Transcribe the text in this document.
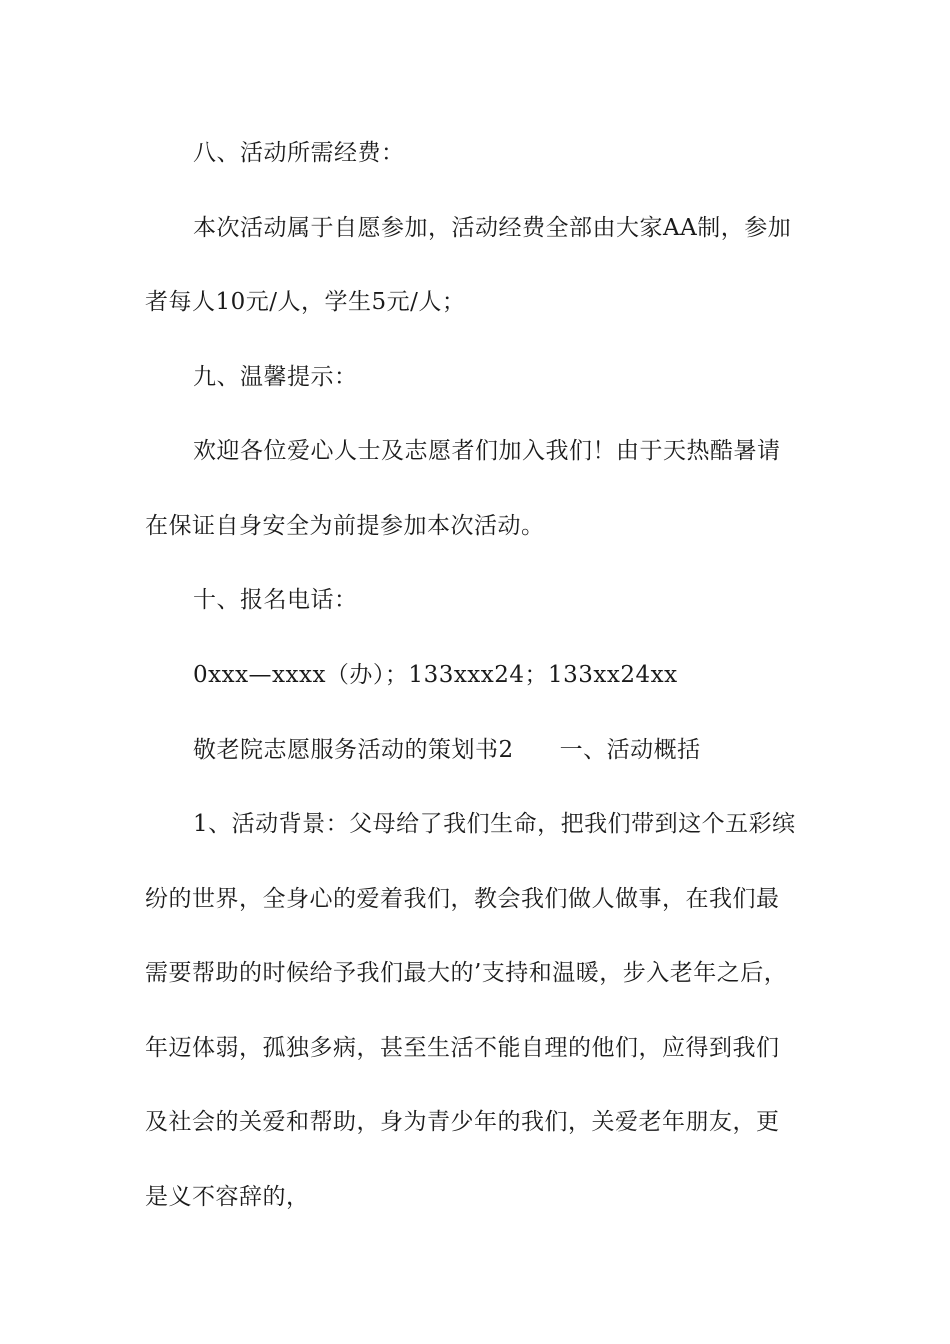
八、活动所需经费：
本次活动属于自愿参加，活动经费全部由大家AA制，参加
者每人10元/人，学生5元/人；
九、温馨提示：
欢迎各位爱心人士及志愿者们加入我们！由于天热酷暑请
在保证自身安全为前提参加本次活动。
十、报名电话：
0xxx—xxxx（办）；133xxx24；133xx24xx
敬老院志愿服务活动的策划书2 一、活动概括
1、活动背景：父母给了我们生命，把我们带到这个五彩缤
纷的世界，全身心的爱着我们，教会我们做人做事，在我们最
需要帮助的时候给予我们最大的’支持和温暖，步入老年之后，
年迈体弱，孤独多病，甚至生活不能自理的他们，应得到我们
及社会的关爱和帮助，身为青少年的我们，关爱老年朋友，更
是义不容辞的，
